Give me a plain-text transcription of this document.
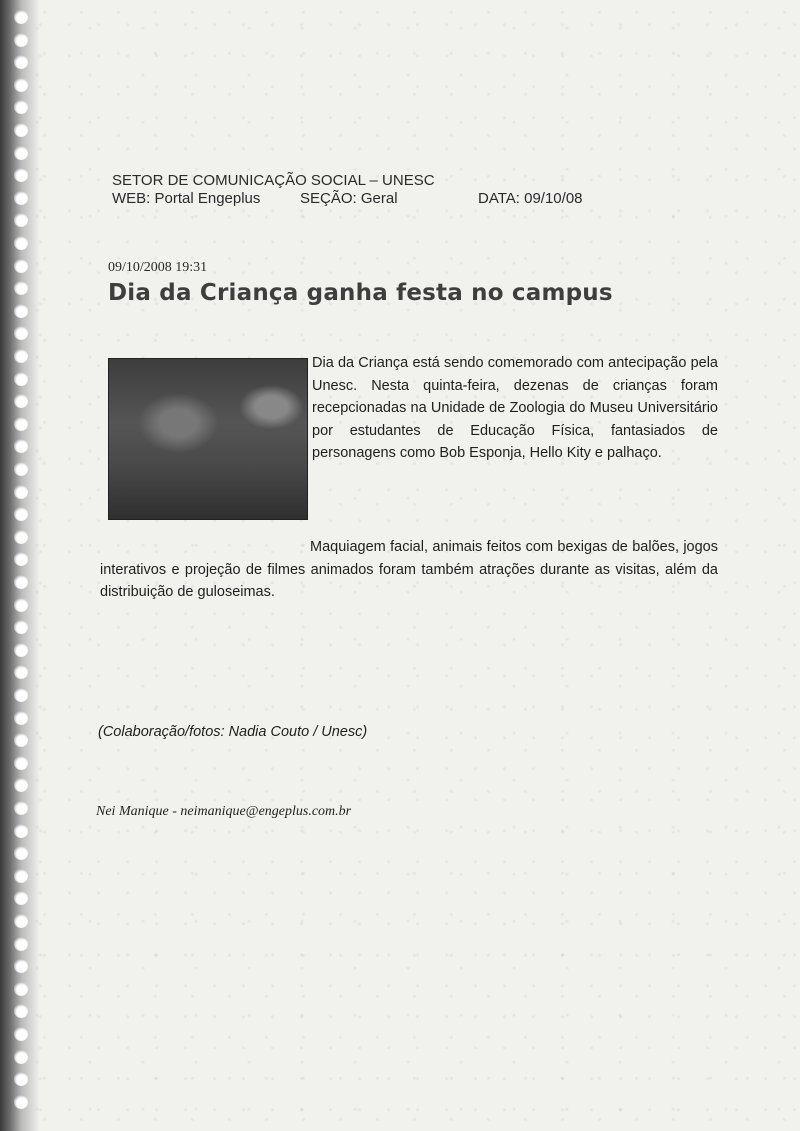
SETOR DE COMUNICAÇÃO SOCIAL – UNESC
WEB: Portal Engeplus	SEÇÃO: Geral	DATA: 09/10/08
09/10/2008 19:31
Dia da Criança ganha festa no campus

Dia da Criança está sendo comemorado com antecipação pela Unesc. Nesta quinta-feira, dezenas de crianças foram recepcionadas na Unidade de Zoologia do Museu Universitário por estudantes de Educação Física, fantasiados de personagens como Bob Esponja, Hello Kity e palhaço.

Maquiagem facial, animais feitos com bexigas de balões, jogos interativos e projeção de filmes animados foram também atrações durante as visitas, além da distribuição de guloseimas.

(Colaboração/fotos: Nadia Couto / Unesc)
Nei Manique - neimanique@engeplus.com.br
